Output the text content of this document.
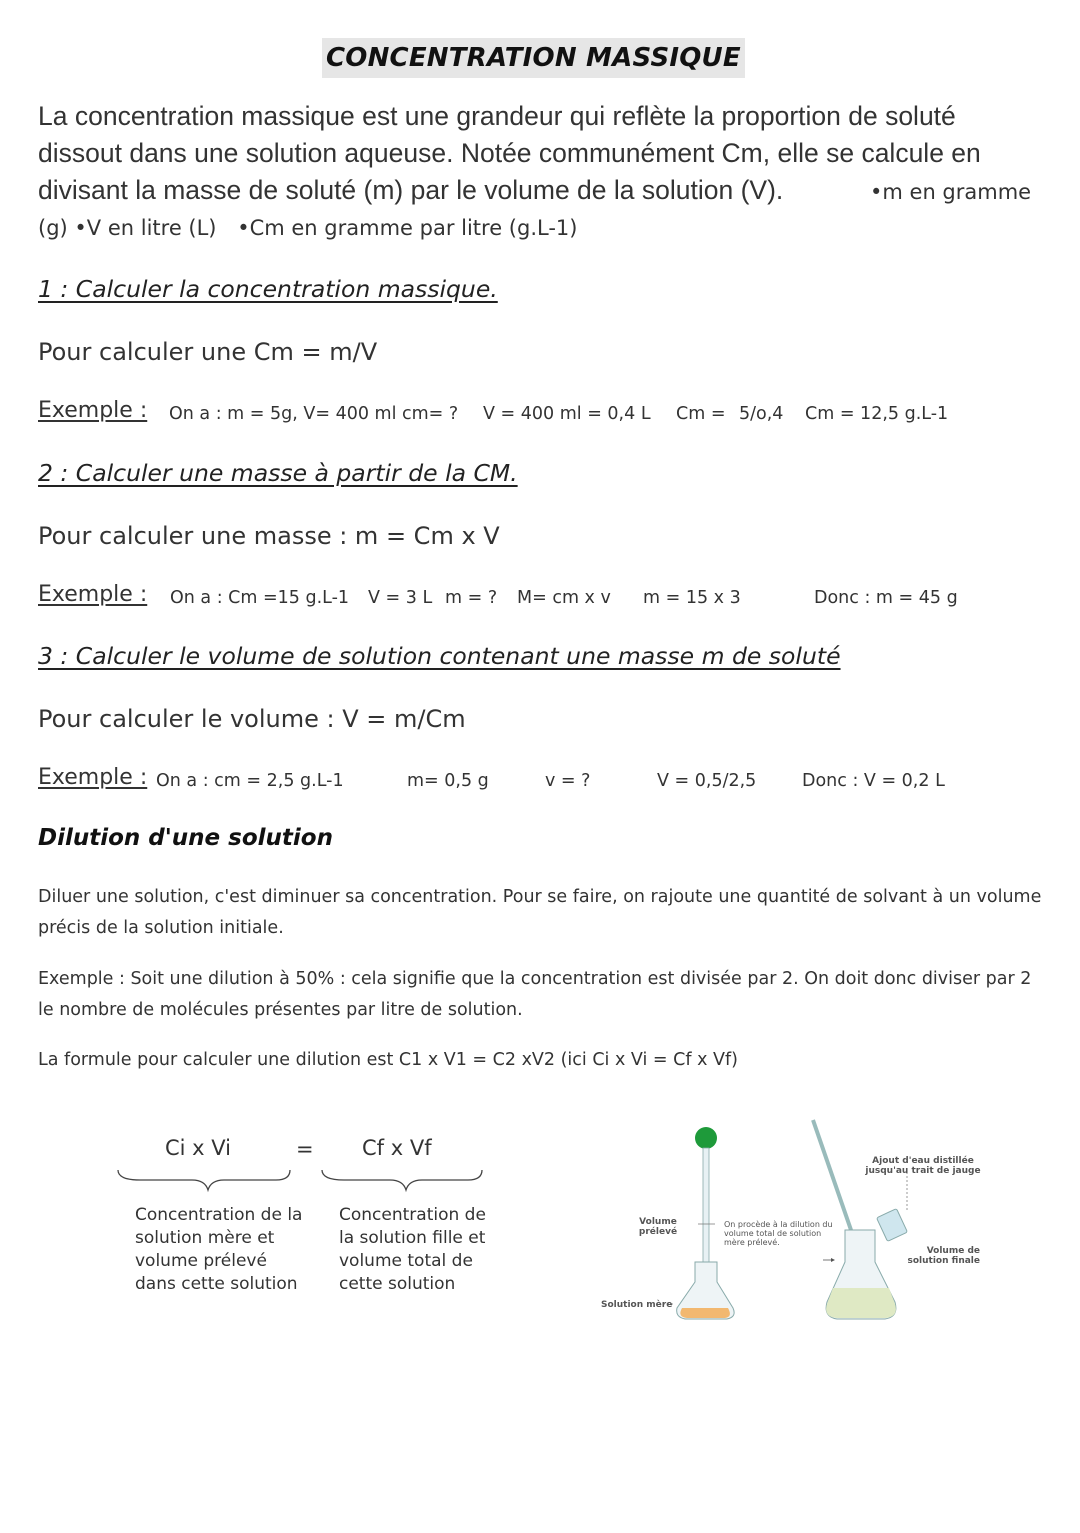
CONCENTRATION MASSIQUE
La concentration massique est une grandeur qui reflète la proportion de soluté
dissout dans une solution aqueuse. Notée communément Cm, elle se calcule en
divisant la masse de soluté (m) par le volume de la solution (V).	•m en gramme
(g) •V en litre (L) •Cm en gramme par litre (g.L-1)
1 : Calculer la concentration massique.
Pour calculer une Cm = m/V
Exemple : On a : m = 5g, V= 400 ml cm= ? V = 400 ml = 0,4 L Cm = 5/o,4 Cm = 12,5 g.L-1
2 : Calculer une masse à partir de la CM.
Pour calculer une masse : m = Cm x V
Exemple : On a : Cm =15 g.L-1 V = 3 L m = ? M= cm x v m = 15 x 3	Donc : m = 45 g
3 : Calculer le volume de solution contenant une masse m de soluté
Pour calculer le volume : V = m/Cm
Exemple : On a : cm = 2,5 g.L-1	m= 0,5 g	v = ?	V = 0,5/2,5	Donc : V = 0,2 L
Dilution d'une solution
Diluer une solution, c'est diminuer sa concentration. Pour se faire, on rajoute une quantité de solvant à un volume précis de la solution initiale.
Exemple : Soit une dilution à 50% : cela signifie que la concentration est divisée par 2. On doit donc diviser par 2 le nombre de molécules présentes par litre de solution.
La formule pour calculer une dilution est C1 x V1 = C2 xV2 (ici Ci x Vi = Cf x Vf)
Ci x Vi	= Cf x Vf
Concentration de la solution mère et volume prélevé dans cette solution
Concentration de la solution fille et volume total de cette solution
Ajout d'eau distillée jusqu'au trait de jauge
Volume prélevé
On procède à la dilution du volume total de solution mère prélevé.
Volume de solution finale
Solution mère
